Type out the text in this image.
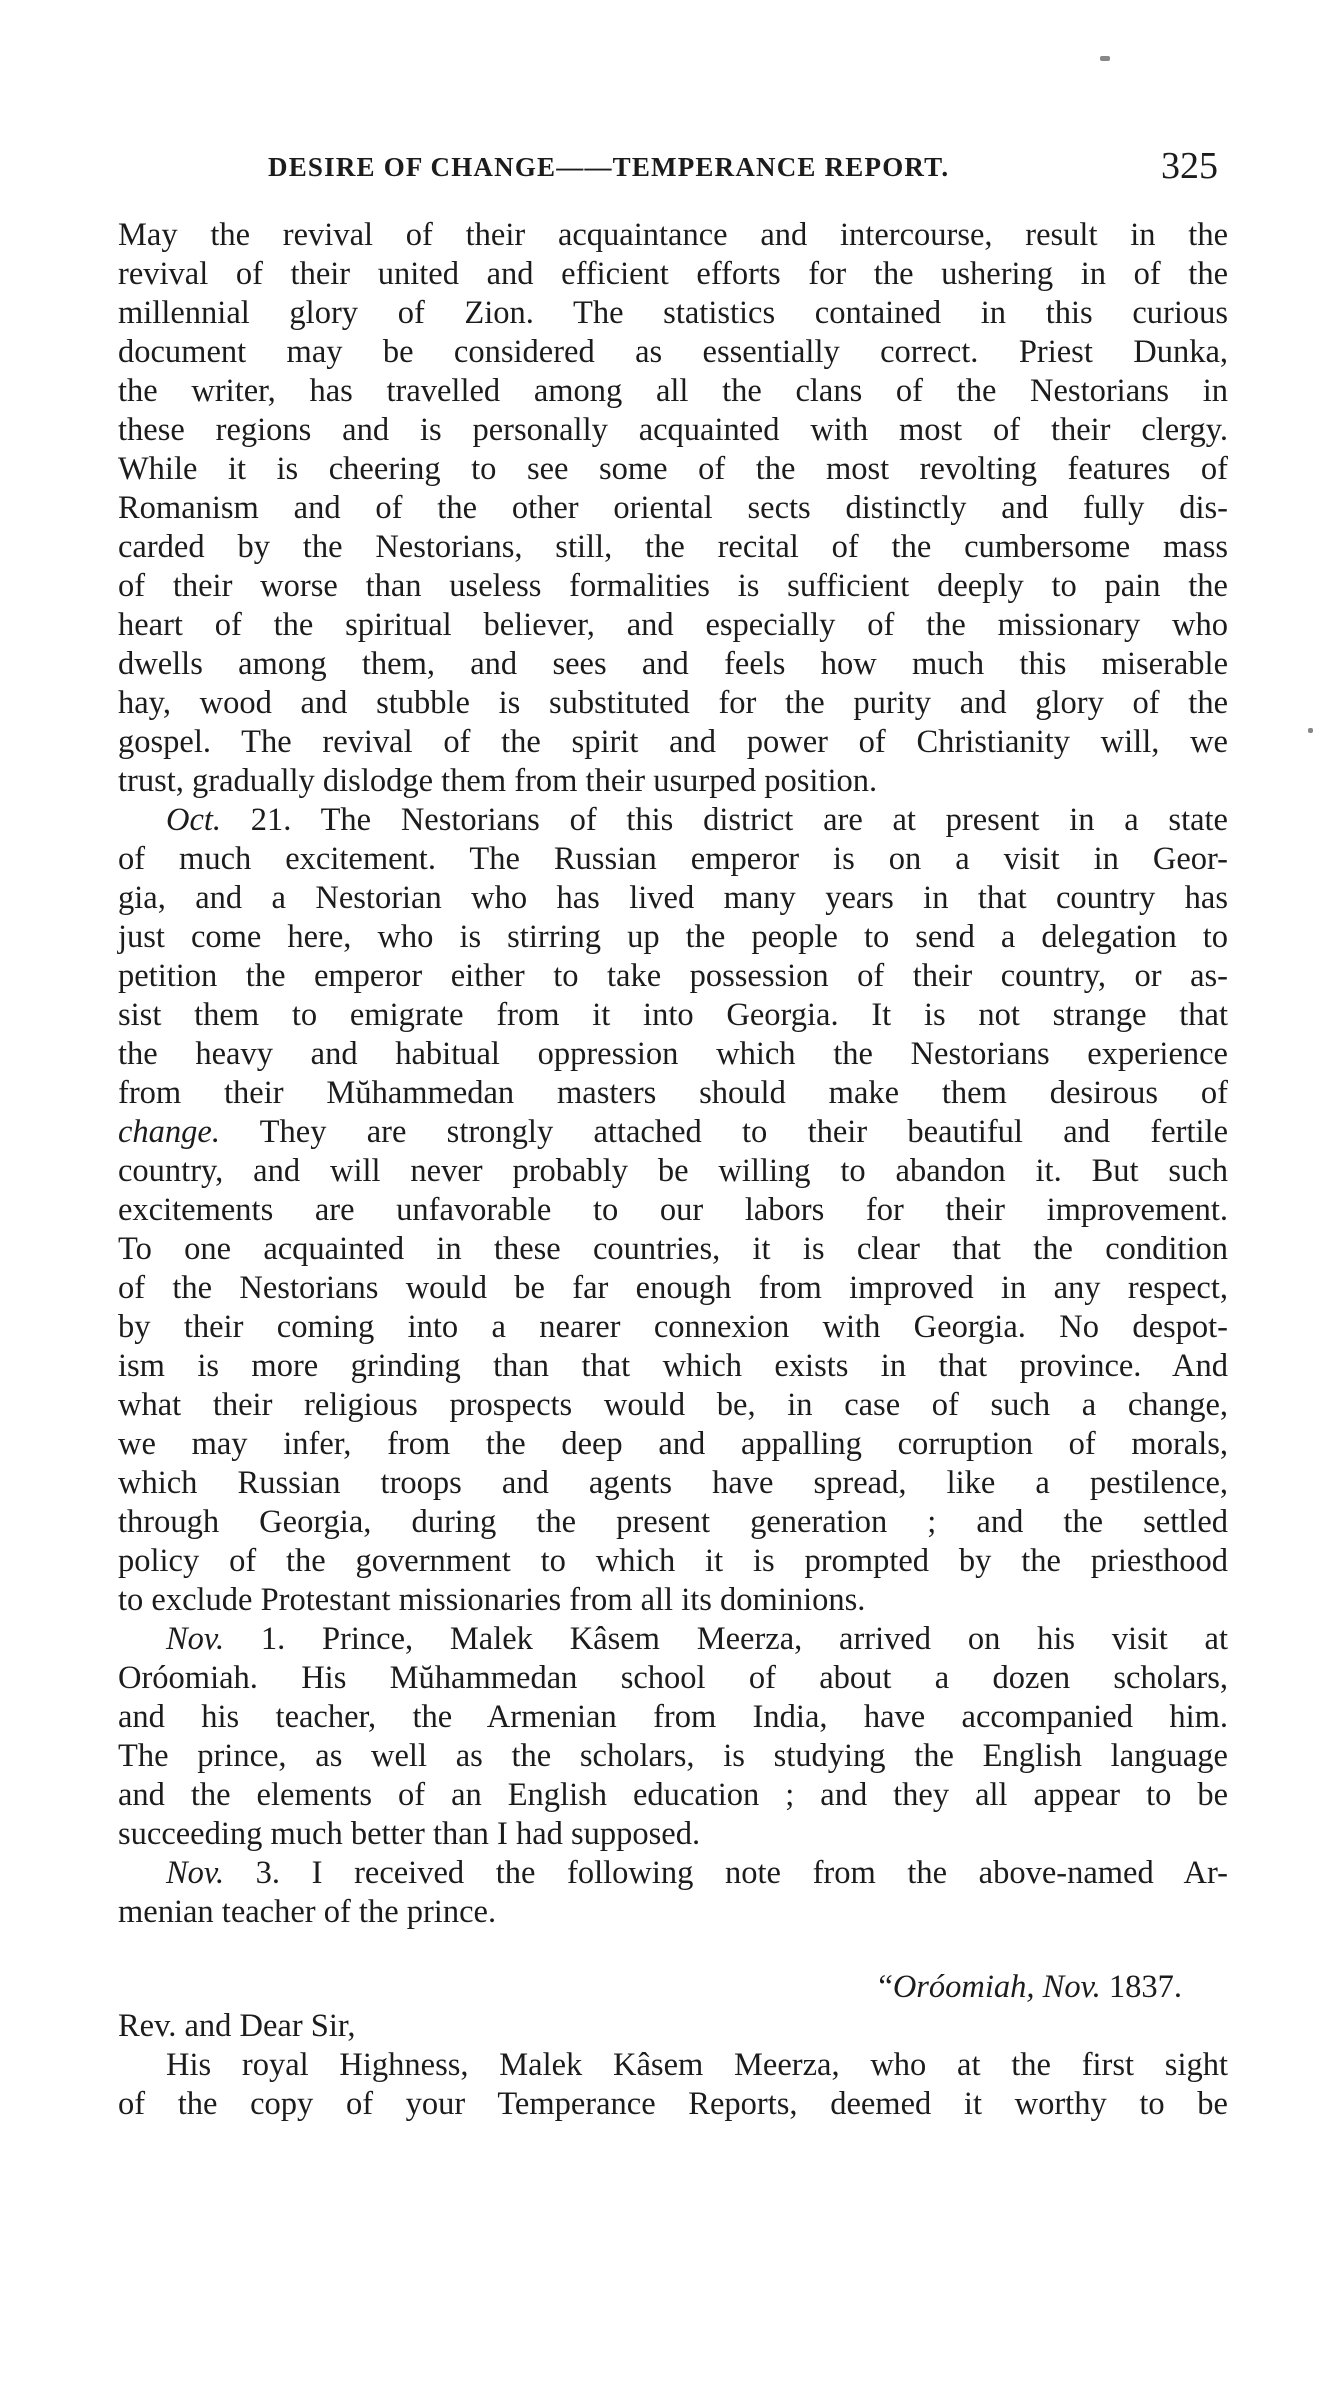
DESIRE OF CHANGE——TEMPERANCE REPORT.	325
May the revival of their acquaintance and intercourse, result in the
revival of their united and efficient efforts for the ushering in of the
millennial glory of Zion. The statistics contained in this curious
document may be considered as essentially correct. Priest Dunka,
the writer, has travelled among all the clans of the Nestorians in
these regions and is personally acquainted with most of their clergy.
While it is cheering to see some of the most revolting features of
Romanism and of the other oriental sects distinctly and fully dis-
carded by the Nestorians, still, the recital of the cumbersome mass
of their worse than useless formalities is sufficient deeply to pain the
heart of the spiritual believer, and especially of the missionary who
dwells among them, and sees and feels how much this miserable
hay, wood and stubble is substituted for the purity and glory of the
gospel. The revival of the spirit and power of Christianity will, we
trust, gradually dislodge them from their usurped position.
Oct. 21. The Nestorians of this district are at present in a state
of much excitement. The Russian emperor is on a visit in Geor-
gia, and a Nestorian who has lived many years in that country has
just come here, who is stirring up the people to send a delegation to
petition the emperor either to take possession of their country, or as-
sist them to emigrate from it into Georgia. It is not strange that
the heavy and habitual oppression which the Nestorians experience
from their Mŭhammedan masters should make them desirous of
change. They are strongly attached to their beautiful and fertile
country, and will never probably be willing to abandon it. But such
excitements are unfavorable to our labors for their improvement.
To one acquainted in these countries, it is clear that the condition
of the Nestorians would be far enough from improved in any respect,
by their coming into a nearer connexion with Georgia. No despot-
ism is more grinding than that which exists in that province. And
what their religious prospects would be, in case of such a change,
we may infer, from the deep and appalling corruption of morals,
which Russian troops and agents have spread, like a pestilence,
through Georgia, during the present generation ; and the settled
policy of the government to which it is prompted by the priesthood
to exclude Protestant missionaries from all its dominions.
Nov. 1. Prince, Malek Kâsem Meerza, arrived on his visit at
Oróomiah. His Mŭhammedan school of about a dozen scholars,
and his teacher, the Armenian from India, have accompanied him.
The prince, as well as the scholars, is studying the English language
and the elements of an English education ; and they all appear to be
succeeding much better than I had supposed.
Nov. 3. I received the following note from the above-named Ar-
menian teacher of the prince.
“Oróomiah, Nov. 1837.
Rev. and Dear Sir,
His royal Highness, Malek Kâsem Meerza, who at the first sight
of the copy of your Temperance Reports, deemed it worthy to be
